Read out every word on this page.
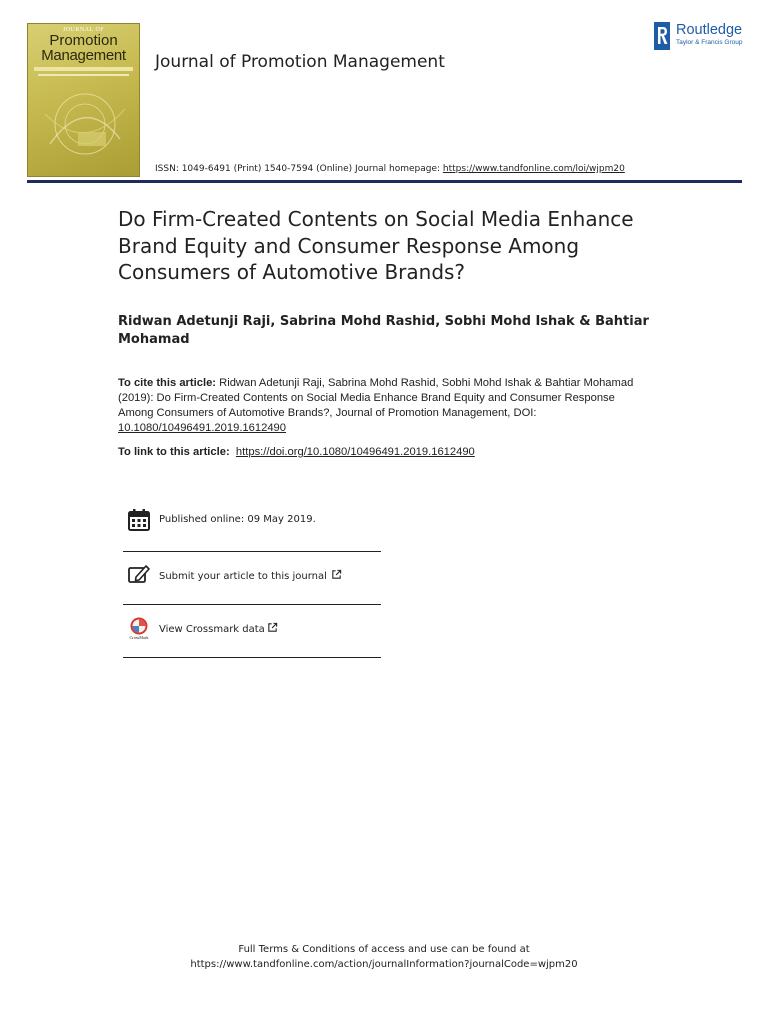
JOURNAL OF
Promotion
Management	Journal of Promotion Management
ISSN: 1049-6491 (Print) 1540-7594 (Online) Journal homepage: https://www.tandfonline.com/loi/wjpm20
Routledge
Taylor & Francis Group
Do Firm-Created Contents on Social Media Enhance Brand Equity and Consumer Response Among Consumers of Automotive Brands?
Ridwan Adetunji Raji, Sabrina Mohd Rashid, Sobhi Mohd Ishak & Bahtiar Mohamad
To cite this article: Ridwan Adetunji Raji, Sabrina Mohd Rashid, Sobhi Mohd Ishak & Bahtiar Mohamad (2019): Do Firm-Created Contents on Social Media Enhance Brand Equity and Consumer Response Among Consumers of Automotive Brands?, Journal of Promotion Management, DOI: 10.1080/10496491.2019.1612490
To link to this article: https://doi.org/10.1080/10496491.2019.1612490
Published online: 09 May 2019.
Submit your article to this journal
CrossMark
View Crossmark data
Full Terms & Conditions of access and use can be found at
https://www.tandfonline.com/action/journalInformation?journalCode=wjpm20
